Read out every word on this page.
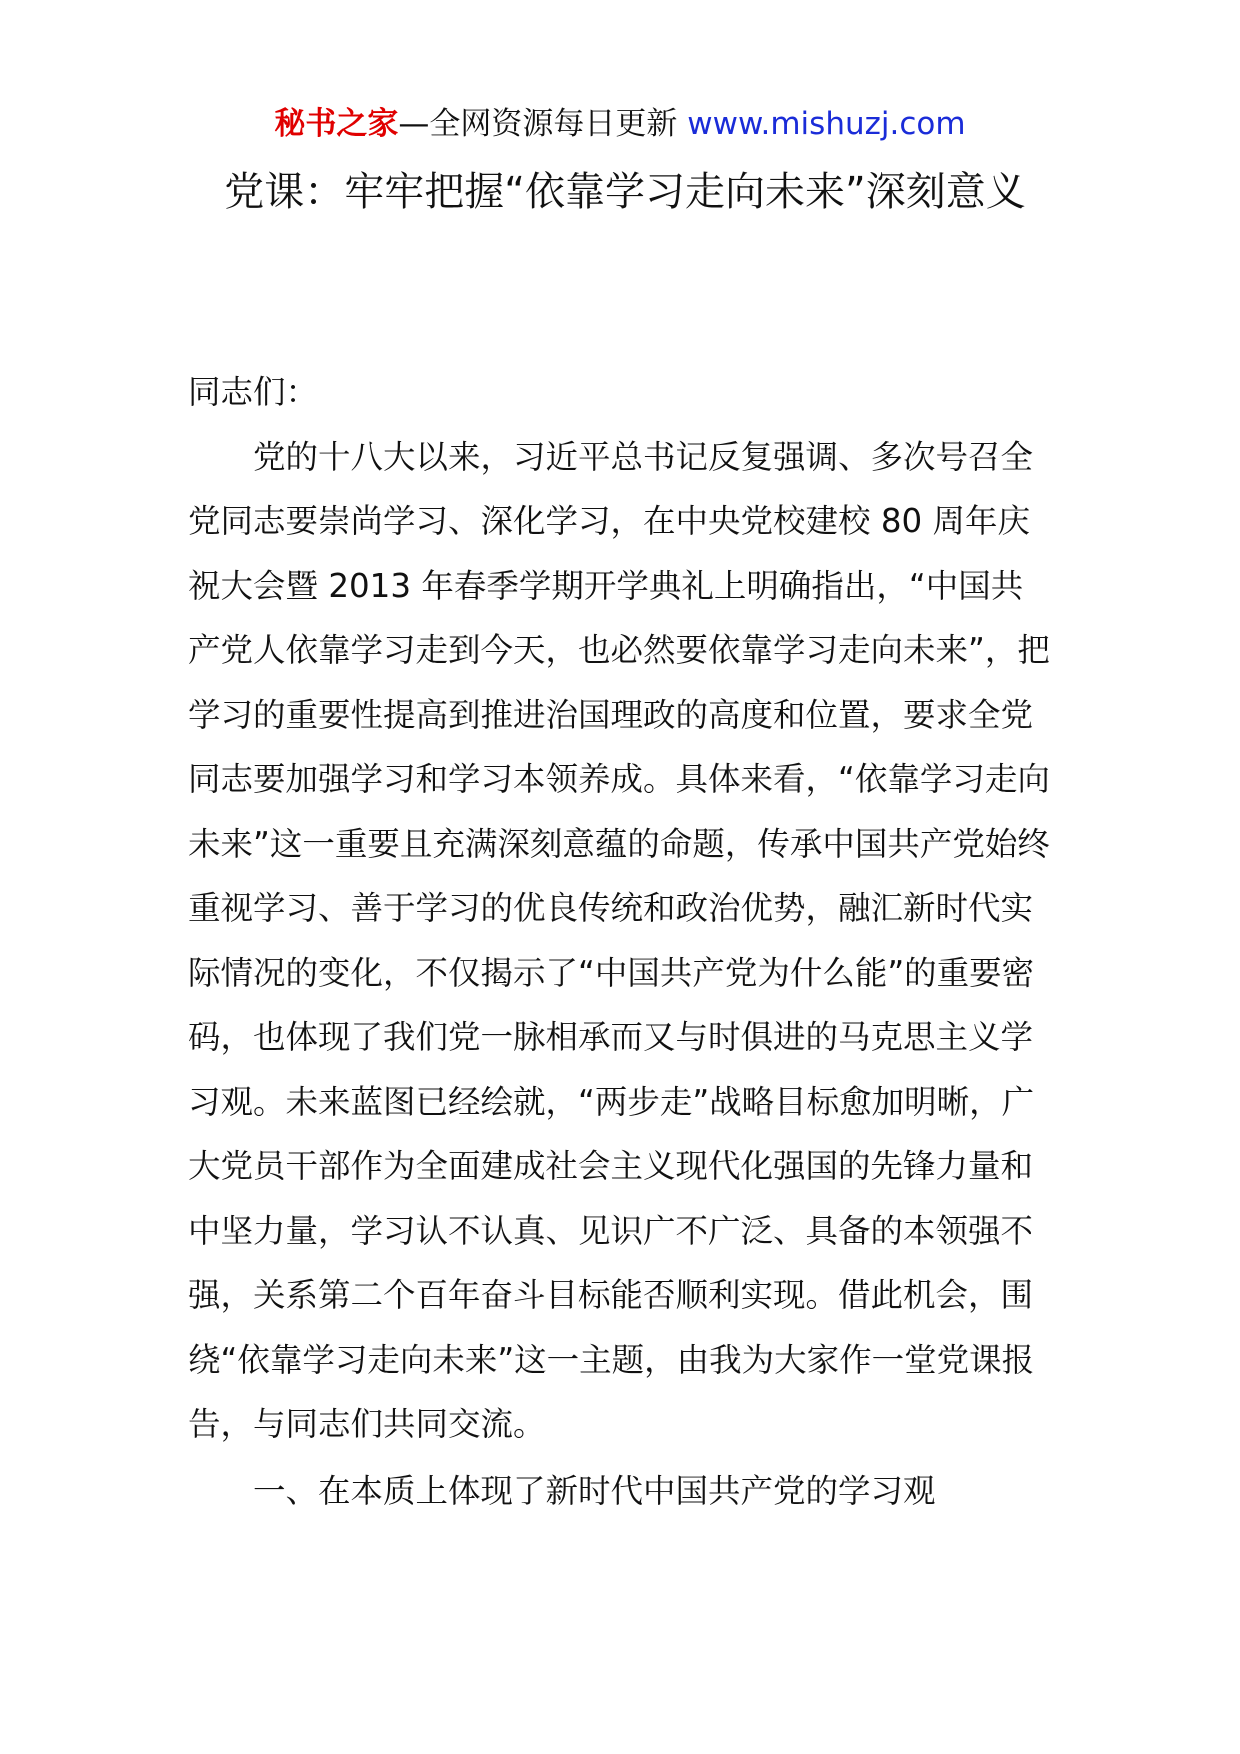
秘书之家—全网资源每日更新 www.mishuzj.com
党课：牢牢把握“依靠学习走向未来”深刻意义

同志们：

党的十八大以来，习近平总书记反复强调、多次号召全党同志要崇尚学习、深化学习，在中央党校建校 80 周年庆祝大会暨 2013 年春季学期开学典礼上明确指出，“中国共产党人依靠学习走到今天，也必然要依靠学习走向未来”，把学习的重要性提高到推进治国理政的高度和位置，要求全党同志要加强学习和学习本领养成。具体来看，“依靠学习走向未来”这一重要且充满深刻意蕴的命题，传承中国共产党始终重视学习、善于学习的优良传统和政治优势，融汇新时代实际情况的变化，不仅揭示了“中国共产党为什么能”的重要密码，也体现了我们党一脉相承而又与时俱进的马克思主义学习观。未来蓝图已经绘就，“两步走”战略目标愈加明晰，广大党员干部作为全面建成社会主义现代化强国的先锋力量和中坚力量，学习认不认真、见识广不广泛、具备的本领强不强，关系第二个百年奋斗目标能否顺利实现。借此机会，围绕“依靠学习走向未来”这一主题，由我为大家作一堂党课报告，与同志们共同交流。

一、在本质上体现了新时代中国共产党的学习观
